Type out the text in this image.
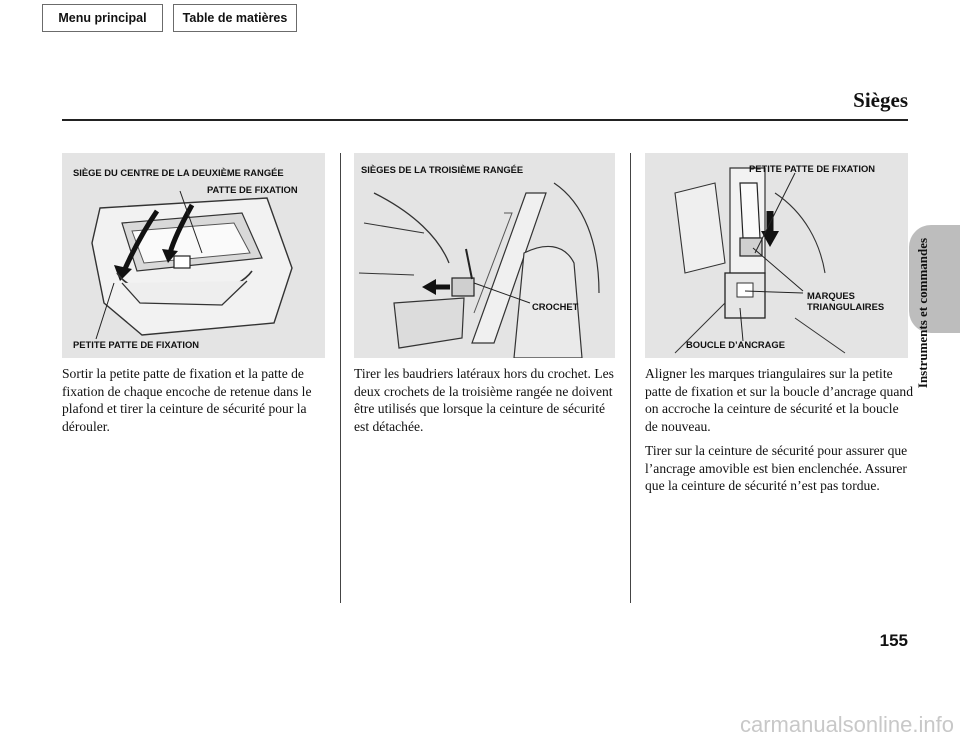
Menu principal	Table de matières
Sièges
Instruments et commandes
SIÈGE DU CENTRE DE LA DEUXIÈME RANGÉE
PATTE DE FIXATION
PETITE PATTE DE FIXATION
SIÈGES DE LA TROISIÈME RANGÉE
CROCHET
PETITE PATTE DE FIXATION
MARQUES
TRIANGULAIRES
BOUCLE D’ANCRAGE

Sortir la petite patte de fixation et la patte de fixation de chaque encoche de retenue dans le plafond et tirer la ceinture de sécurité pour la dérouler.

Tirer les baudriers latéraux hors du crochet. Les deux crochets de la troisième rangée ne doivent être utilisés que lorsque la ceinture de sécurité est détachée.

Aligner les marques triangulaires sur la petite patte de fixation et sur la boucle d’ancrage quand on accroche la ceinture de sécurité et la boucle de nouveau.

Tirer sur la ceinture de sécurité pour assurer que l’ancrage amovible est bien enclenchée. Assurer que la ceinture de sécurité n’est pas tordue.

155
carmanualsonline.info
